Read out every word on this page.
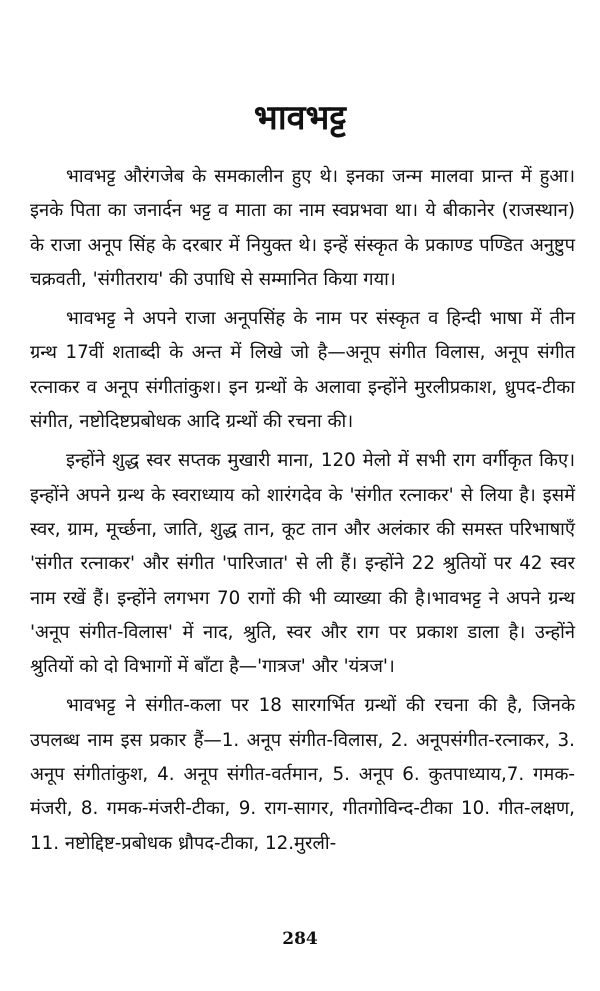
भावभट्ट

भावभट्ट औरंगजेब के समकालीन हुए थे। इनका जन्म मालवा प्रान्त में हुआ। इनके पिता का जनार्दन भट्ट व माता का नाम स्वप्नभवा था। ये बीकानेर (राजस्थान) के राजा अनूप सिंह के दरबार में नियुक्त थे। इन्हें संस्कृत के प्रकाण्ड पण्डित अनुष्टुप चक्रवती, 'संगीतराय' की उपाधि से सम्मानित किया गया।

भावभट्ट ने अपने राजा अनूपसिंह के नाम पर संस्कृत व हिन्दी भाषा में तीन ग्रन्थ 17वीं शताब्दी के अन्त में लिखे जो है—अनूप संगीत विलास, अनूप संगीत रत्नाकर व अनूप संगीतांकुश। इन ग्रन्थों के अलावा इन्होंने मुरलीप्रकाश, ध्रुपद-टीका संगीत, नष्टोदिष्टप्रबोधक आदि ग्रन्थों की रचना की।

इन्होंने शुद्ध स्वर सप्तक मुखारी माना, 120 मेलो में सभी राग वर्गीकृत किए। इन्होंने अपने ग्रन्थ के स्वराध्याय को शारंगदेव के 'संगीत रत्नाकर' से लिया है। इसमें स्वर, ग्राम, मूर्च्छना, जाति, शुद्ध तान, कूट तान और अलंकार की समस्त परिभाषाएँ 'संगीत रत्नाकर' और संगीत 'पारिजात' से ली हैं। इन्होंने 22 श्रुतियों पर 42 स्वर नाम रखें हैं। इन्होंने लगभग 70 रागों की भी व्याख्या की है।भावभट्ट ने अपने ग्रन्थ 'अनूप संगीत-विलास' में नाद, श्रुति, स्वर और राग पर प्रकाश डाला है। उन्होंने श्रुतियों को दो विभागों में बाँटा है—'गात्रज' और 'यंत्रज'।

भावभट्ट ने संगीत-कला पर 18 सारगर्भित ग्रन्थों की रचना की है, जिनके उपलब्ध नाम इस प्रकार हैं—1. अनूप संगीत-विलास, 2. अनूपसंगीत-रत्नाकर, 3. अनूप संगीतांकुश, 4. अनूप संगीत-वर्तमान, 5. अनूप 6. कुतपाध्याय,7. गमक-मंजरी, 8. गमक-मंजरी-टीका, 9. राग-सागर, गीतगोविन्द-टीका 10. गीत-लक्षण, 11. नष्टोद्दिष्ट-प्रबोधक ध्रौपद-टीका, 12.मुरली-

284
